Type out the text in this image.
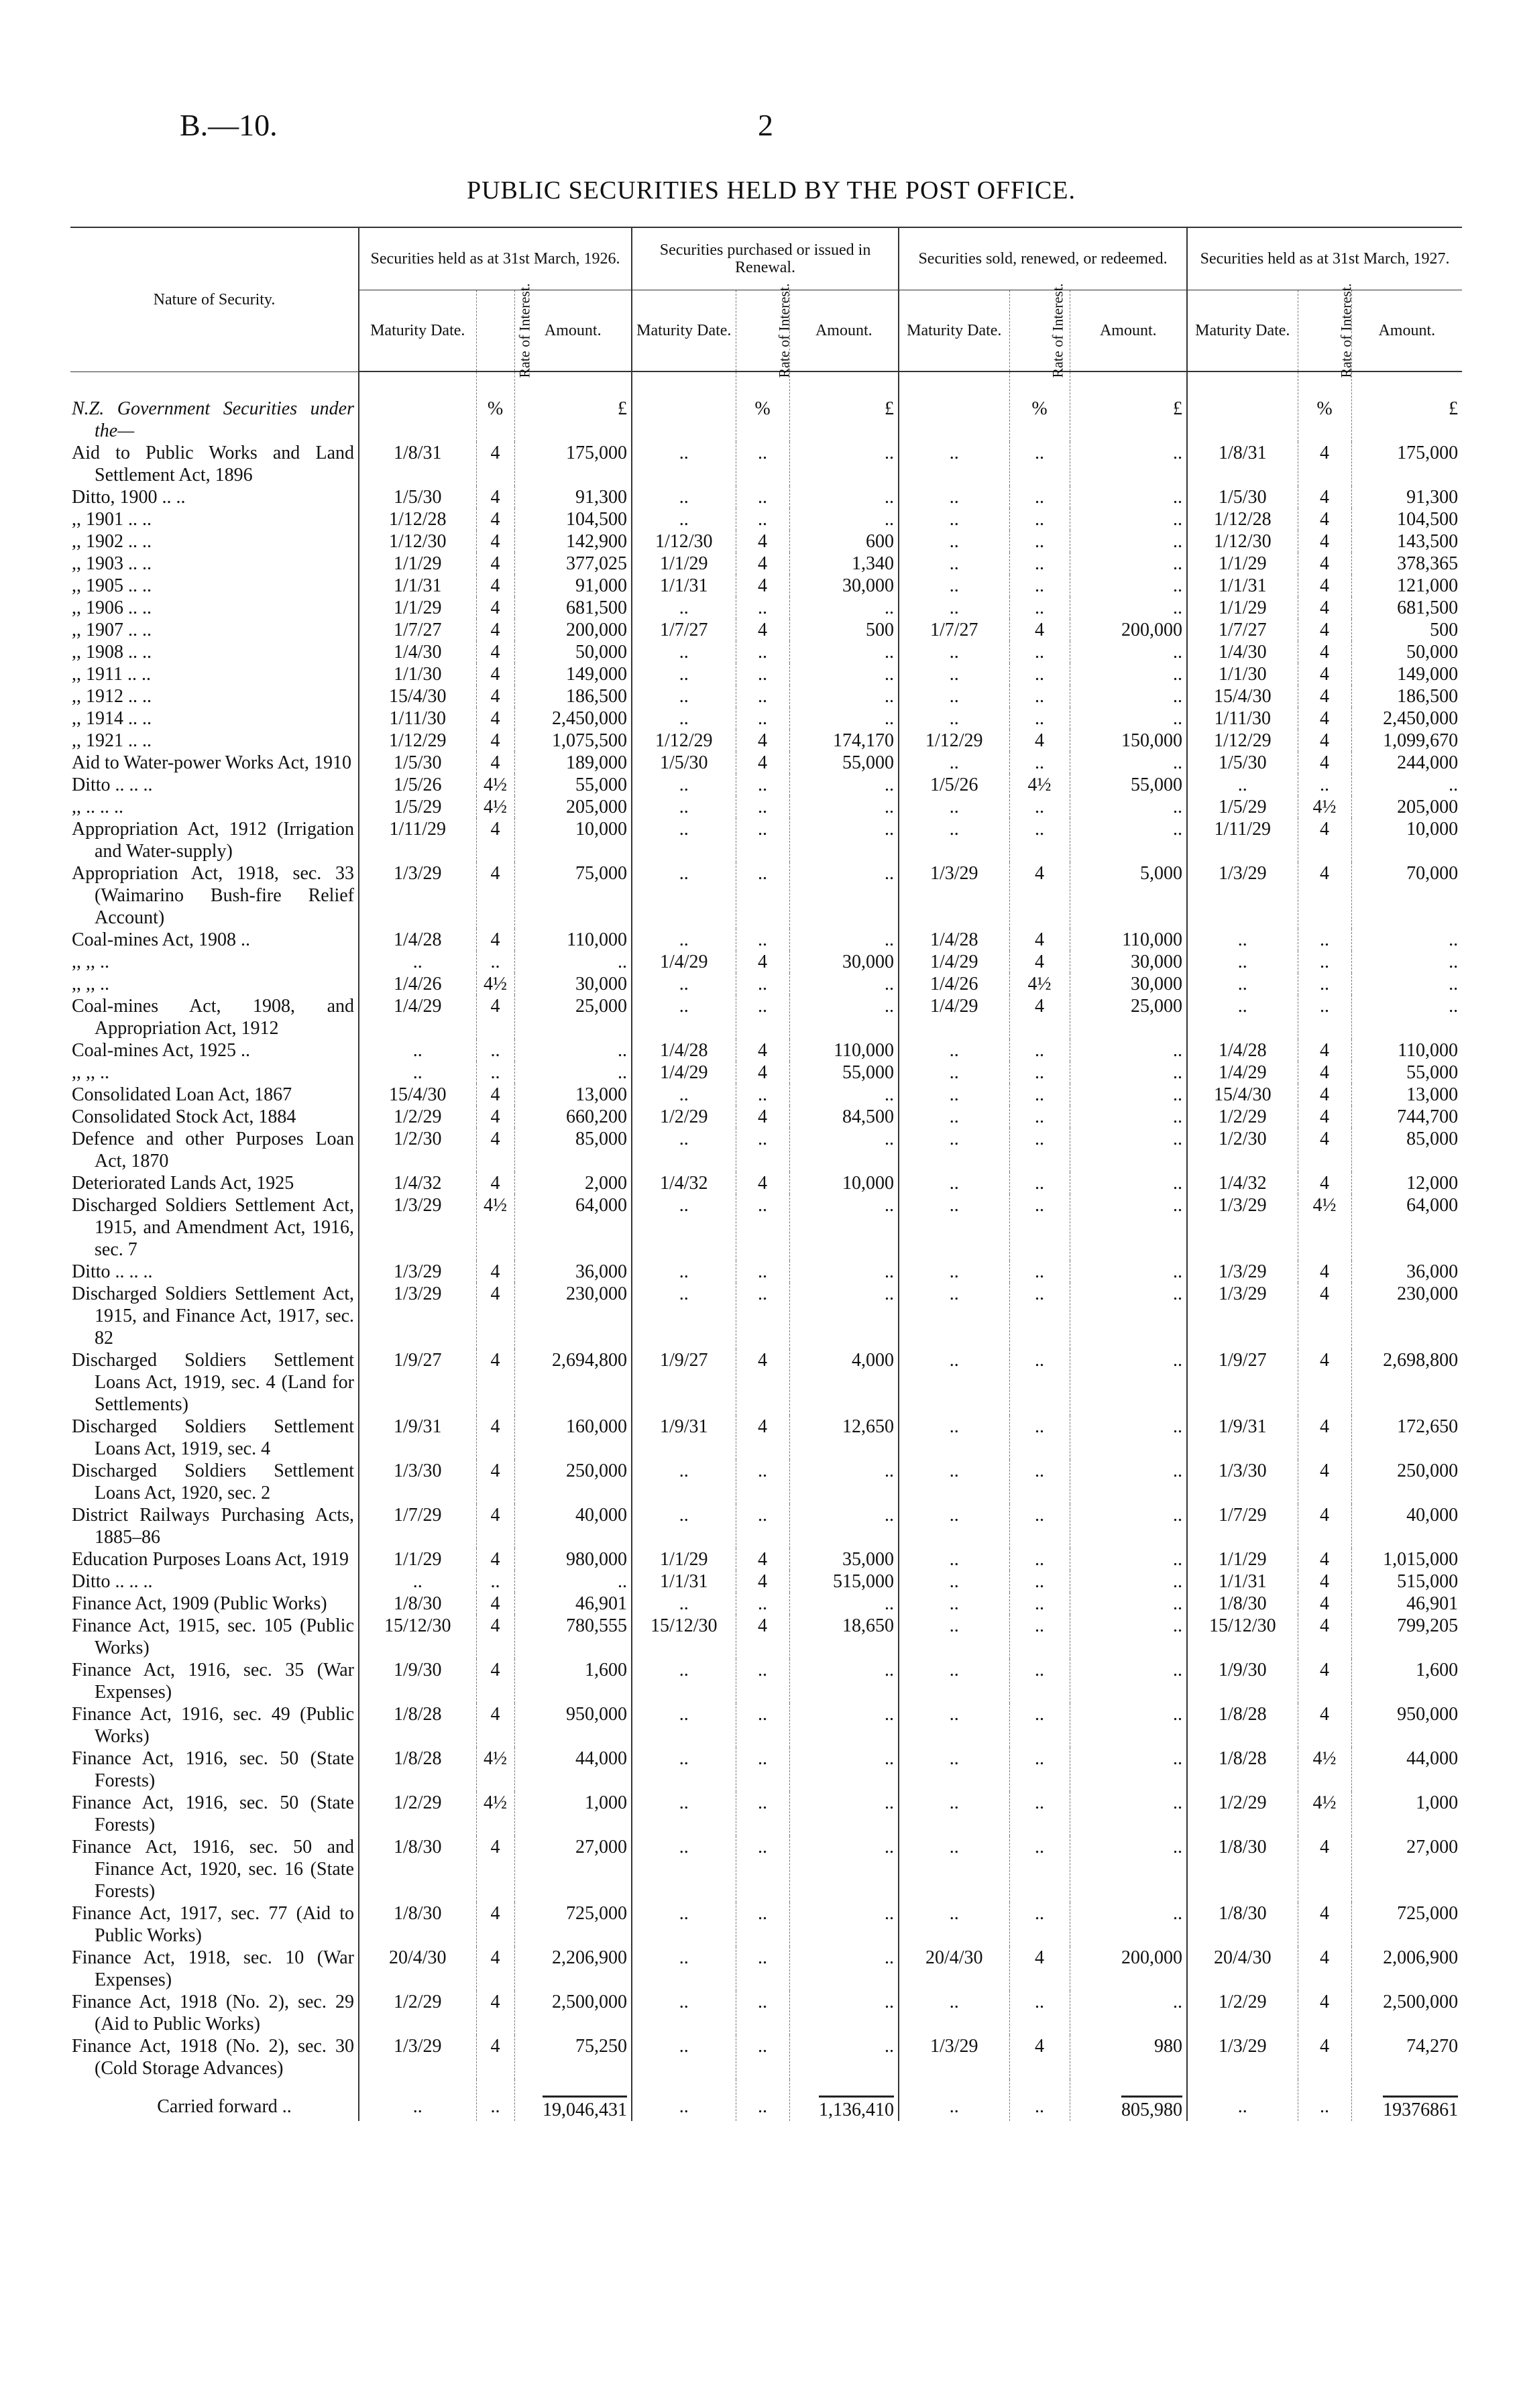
B.—10.	2
PUBLIC SECURITIES HELD BY THE POST OFFICE.
Nature of Security.	Securities held as at 31st March, 1926.			Securities purchased or issued in Renewal.			Securities sold, renewed, or redeemed.			Securities held as at 31st March, 1927.		
	Maturity Date.	Rate of Interest.	Amount.	Maturity Date.	Rate of Interest.	Amount.	Maturity Date.	Rate of Interest.	Amount.	Maturity Date.	Rate of Interest.	Amount.
N.Z. Government Securities under the—		%	£		%	£		%	£		%	£
Aid to Public Works and Land Settlement Act, 1896	1/8/31	4	175,000	..	..	..	..	..	..	1/8/31	4	175,000
Ditto, 1900 .. ..	1/5/30	4	91,300	..	..	..	..	..	..	1/5/30	4	91,300
,, 1901 .. ..	1/12/28	4	104,500	..	..	..	..	..	..	1/12/28	4	104,500
,, 1902 .. ..	1/12/30	4	142,900	1/12/30	4	600	..	..	..	1/12/30	4	143,500
,, 1903 .. ..	1/1/29	4	377,025	1/1/29	4	1,340	..	..	..	1/1/29	4	378,365
,, 1905 .. ..	1/1/31	4	91,000	1/1/31	4	30,000	..	..	..	1/1/31	4	121,000
,, 1906 .. ..	1/1/29	4	681,500	..	..	..	..	..	..	1/1/29	4	681,500
,, 1907 .. ..	1/7/27	4	200,000	1/7/27	4	500	1/7/27	4	200,000	1/7/27	4	500
,, 1908 .. ..	1/4/30	4	50,000	..	..	..	..	..	..	1/4/30	4	50,000
,, 1911 .. ..	1/1/30	4	149,000	..	..	..	..	..	..	1/1/30	4	149,000
,, 1912 .. ..	15/4/30	4	186,500	..	..	..	..	..	..	15/4/30	4	186,500
,, 1914 .. ..	1/11/30	4	2,450,000	..	..	..	..	..	..	1/11/30	4	2,450,000
,, 1921 .. ..	1/12/29	4	1,075,500	1/12/29	4	174,170	1/12/29	4	150,000	1/12/29	4	1,099,670
Aid to Water-power Works Act, 1910	1/5/30	4	189,000	1/5/30	4	55,000	..	..	..	1/5/30	4	244,000
Ditto .. .. ..	1/5/26	4½	55,000	..	..	..	1/5/26	4½	55,000	..	..	..
,, .. .. ..	1/5/29	4½	205,000	..	..	..	..	..	..	1/5/29	4½	205,000
Appropriation Act, 1912 (Irrigation and Water-supply)	1/11/29	4	10,000	..	..	..	..	..	..	1/11/29	4	10,000
Appropriation Act, 1918, sec. 33 (Waimarino Bush-fire Relief Account)	1/3/29	4	75,000	..	..	..	1/3/29	4	5,000	1/3/29	4	70,000
Coal-mines Act, 1908 ..	1/4/28	4	110,000	..	..	..	1/4/28	4	110,000	..	..	..
,, ,, ..	..	..	..	1/4/29	4	30,000	1/4/29	4	30,000	..	..	..
,, ,, ..	1/4/26	4½	30,000	..	..	..	1/4/26	4½	30,000	..	..	..
Coal-mines Act, 1908, and Appropriation Act, 1912	1/4/29	4	25,000	..	..	..	1/4/29	4	25,000	..	..	..
Coal-mines Act, 1925 ..	..	..	..	1/4/28	4	110,000	..	..	..	1/4/28	4	110,000
,, ,, ..	..	..	..	1/4/29	4	55,000	..	..	..	1/4/29	4	55,000
Consolidated Loan Act, 1867	15/4/30	4	13,000	..	..	..	..	..	..	15/4/30	4	13,000
Consolidated Stock Act, 1884	1/2/29	4	660,200	1/2/29	4	84,500	..	..	..	1/2/29	4	744,700
Defence and other Purposes Loan Act, 1870	1/2/30	4	85,000	..	..	..	..	..	..	1/2/30	4	85,000
Deteriorated Lands Act, 1925	1/4/32	4	2,000	1/4/32	4	10,000	..	..	..	1/4/32	4	12,000
Discharged Soldiers Settlement Act, 1915, and Amendment Act, 1916, sec. 7	1/3/29	4½	64,000	..	..	..	..	..	..	1/3/29	4½	64,000
Ditto .. .. ..	1/3/29	4	36,000	..	..	..	..	..	..	1/3/29	4	36,000
Discharged Soldiers Settlement Act, 1915, and Finance Act, 1917, sec. 82	1/3/29	4	230,000	..	..	..	..	..	..	1/3/29	4	230,000
Discharged Soldiers Settlement Loans Act, 1919, sec. 4 (Land for Settlements)	1/9/27	4	2,694,800	1/9/27	4	4,000	..	..	..	1/9/27	4	2,698,800
Discharged Soldiers Settlement Loans Act, 1919, sec. 4	1/9/31	4	160,000	1/9/31	4	12,650	..	..	..	1/9/31	4	172,650
Discharged Soldiers Settlement Loans Act, 1920, sec. 2	1/3/30	4	250,000	..	..	..	..	..	..	1/3/30	4	250,000
District Railways Purchasing Acts, 1885–86	1/7/29	4	40,000	..	..	..	..	..	..	1/7/29	4	40,000
Education Purposes Loans Act, 1919	1/1/29	4	980,000	1/1/29	4	35,000	..	..	..	1/1/29	4	1,015,000
Ditto .. .. ..	..	..	..	1/1/31	4	515,000	..	..	..	1/1/31	4	515,000
Finance Act, 1909 (Public Works)	1/8/30	4	46,901	..	..	..	..	..	..	1/8/30	4	46,901
Finance Act, 1915, sec. 105 (Public Works)	15/12/30	4	780,555	15/12/30	4	18,650	..	..	..	15/12/30	4	799,205
Finance Act, 1916, sec. 35 (War Expenses)	1/9/30	4	1,600	..	..	..	..	..	..	1/9/30	4	1,600
Finance Act, 1916, sec. 49 (Public Works)	1/8/28	4	950,000	..	..	..	..	..	..	1/8/28	4	950,000
Finance Act, 1916, sec. 50 (State Forests)	1/8/28	4½	44,000	..	..	..	..	..	..	1/8/28	4½	44,000
Finance Act, 1916, sec. 50 (State Forests)	1/2/29	4½	1,000	..	..	..	..	..	..	1/2/29	4½	1,000
Finance Act, 1916, sec. 50 and Finance Act, 1920, sec. 16 (State Forests)	1/8/30	4	27,000	..	..	..	..	..	..	1/8/30	4	27,000
Finance Act, 1917, sec. 77 (Aid to Public Works)	1/8/30	4	725,000	..	..	..	..	..	..	1/8/30	4	725,000
Finance Act, 1918, sec. 10 (War Expenses)	20/4/30	4	2,206,900	..	..	..	20/4/30	4	200,000	20/4/30	4	2,006,900
Finance Act, 1918 (No. 2), sec. 29 (Aid to Public Works)	1/2/29	4	2,500,000	..	..	..	..	..	..	1/2/29	4	2,500,000
Finance Act, 1918 (No. 2), sec. 30 (Cold Storage Advances)	1/3/29	4	75,250	..	..	..	1/3/29	4	980	1/3/29	4	74,270
Carried forward ..	..	..	19,046,431	..	..	1,136,410	..	..	805,980	..	..	19376861
